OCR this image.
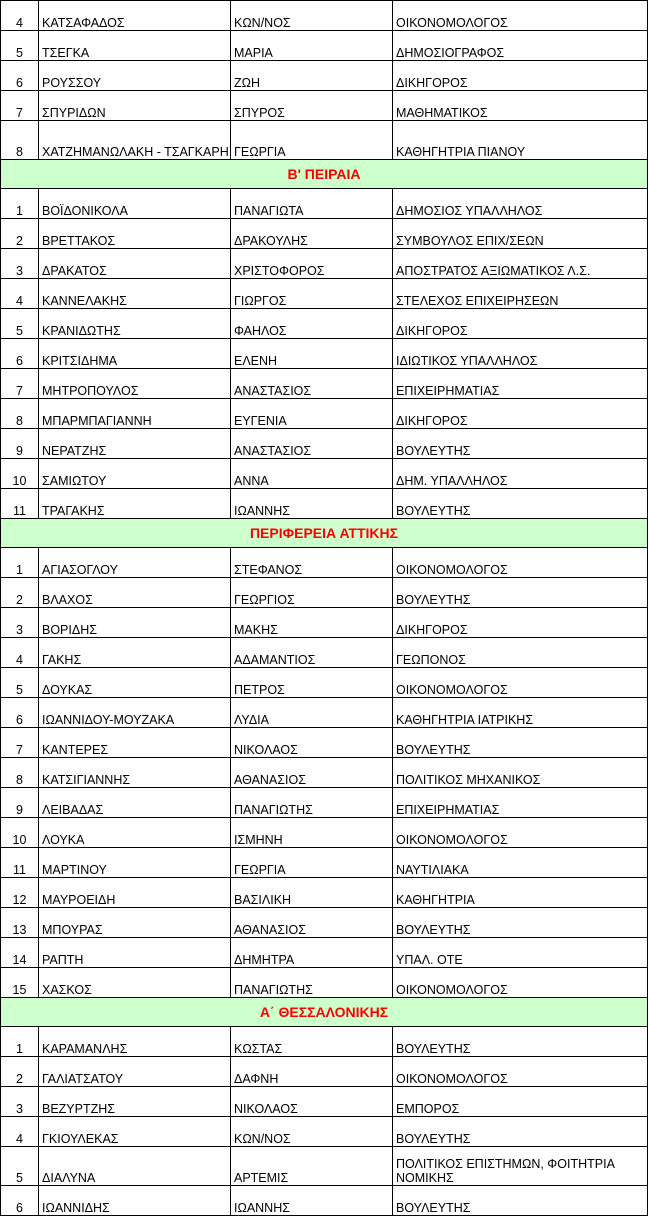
4	ΚΑΤΣΑΦΑΔΟΣ	ΚΩΝ/ΝΟΣ	ΟΙΚΟΝΟΜΟΛΟΓΟΣ
5	ΤΣΕΓΚΑ	ΜΑΡΙΑ	ΔΗΜΟΣΙΟΓΡΑΦΟΣ
6	ΡΟΥΣΣΟΥ	ΖΩΗ	ΔΙΚΗΓΟΡΟΣ
7	ΣΠΥΡΙΔΩΝ	ΣΠΥΡΟΣ	ΜΑΘΗΜΑΤΙΚΟΣ
8	ΧΑΤΖΗΜΑΝΩΛΑΚΗ - ΤΣΑΓΚΑΡΗ	ΓΕΩΡΓΙΑ	ΚΑΘΗΓΗΤΡΙΑ ΠΙΑΝΟΥ
Β' ΠΕΙΡΑΙΑ			
1	ΒΟΪΔΟΝΙΚΟΛΑ	ΠΑΝΑΓΙΩΤΑ	ΔΗΜΟΣΙΟΣ ΥΠΑΛΛΗΛΟΣ
2	ΒΡΕΤΤΑΚΟΣ	ΔΡΑΚΟΥΛΗΣ	ΣΥΜΒΟΥΛΟΣ ΕΠΙΧ/ΣΕΩΝ
3	ΔΡΑΚΑΤΟΣ	ΧΡΙΣΤΟΦΟΡΟΣ	ΑΠΟΣΤΡΑΤΟΣ ΑΞΙΩΜΑΤΙΚΟΣ Λ.Σ.
4	ΚΑΝΝΕΛΑΚΗΣ	ΓΙΩΡΓΟΣ	ΣΤΕΛΕΧΟΣ ΕΠΙΧΕΙΡΗΣΕΩΝ
5	ΚΡΑΝΙΔΩΤΗΣ	ΦΑΗΛΟΣ	ΔΙΚΗΓΟΡΟΣ
6	ΚΡΙΤΣΙΔΗΜΑ	ΕΛΕΝΗ	ΙΔΙΩΤΙΚΟΣ ΥΠΑΛΛΗΛΟΣ
7	ΜΗΤΡΟΠΟΥΛΟΣ	ΑΝΑΣΤΑΣΙΟΣ	ΕΠΙΧΕΙΡΗΜΑΤΙΑΣ
8	ΜΠΑΡΜΠΑΓΙΑΝΝΗ	ΕΥΓΕΝΙΑ	ΔΙΚΗΓΟΡΟΣ
9	ΝΕΡΑΤΖΗΣ	ΑΝΑΣΤΑΣΙΟΣ	ΒΟΥΛΕΥΤΗΣ
10	ΣΑΜΙΩΤΟΥ	ΑΝΝΑ	ΔΗΜ. ΥΠΑΛΛΗΛΟΣ
11	ΤΡΑΓΑΚΗΣ	ΙΩΑΝΝΗΣ	ΒΟΥΛΕΥΤΗΣ
ΠΕΡΙΦΕΡΕΙΑ ΑΤΤΙΚΗΣ			
1	ΑΓΙΑΣΟΓΛΟΥ	ΣΤΕΦΑΝΟΣ	ΟΙΚΟΝΟΜΟΛΟΓΟΣ
2	ΒΛΑΧΟΣ	ΓΕΩΡΓΙΟΣ	ΒΟΥΛΕΥΤΗΣ
3	ΒΟΡΙΔΗΣ	ΜΑΚΗΣ	ΔΙΚΗΓΟΡΟΣ
4	ΓΑΚΗΣ	ΑΔΑΜΑΝΤΙΟΣ	ΓΕΩΠΟΝΟΣ
5	ΔΟΥΚΑΣ	ΠΕΤΡΟΣ	ΟΙΚΟΝΟΜΟΛΟΓΟΣ
6	ΙΩΑΝΝΙΔΟΥ-ΜΟΥΖΑΚΑ	ΛΥΔΙΑ	ΚΑΘΗΓΗΤΡΙΑ ΙΑΤΡΙΚΗΣ
7	ΚΑΝΤΕΡΕΣ	ΝΙΚΟΛΑΟΣ	ΒΟΥΛΕΥΤΗΣ
8	ΚΑΤΣΙΓΙΑΝΝΗΣ	ΑΘΑΝΑΣΙΟΣ	ΠΟΛΙΤΙΚΟΣ ΜΗΧΑΝΙΚΟΣ
9	ΛΕΙΒΑΔΑΣ	ΠΑΝΑΓΙΩΤΗΣ	ΕΠΙΧΕΙΡΗΜΑΤΙΑΣ
10	ΛΟΥΚΑ	ΙΣΜΗΝΗ	ΟΙΚΟΝΟΜΟΛΟΓΟΣ
11	ΜΑΡΤΙΝΟΥ	ΓΕΩΡΓΙΑ	ΝΑΥΤΙΛΙΑΚΑ
12	ΜΑΥΡΟΕΙΔΗ	ΒΑΣΙΛΙΚΗ	ΚΑΘΗΓΗΤΡΙΑ
13	ΜΠΟΥΡΑΣ	ΑΘΑΝΑΣΙΟΣ	ΒΟΥΛΕΥΤΗΣ
14	ΡΑΠΤΗ	ΔΗΜΗΤΡΑ	ΥΠΑΛ. ΟΤΕ
15	ΧΑΣΚΟΣ	ΠΑΝΑΓΙΩΤΗΣ	ΟΙΚΟΝΟΜΟΛΟΓΟΣ
Α΄ ΘΕΣΣΑΛΟΝΙΚΗΣ			
1	ΚΑΡΑΜΑΝΛΗΣ	ΚΩΣΤΑΣ	ΒΟΥΛΕΥΤΗΣ
2	ΓΑΛΙΑΤΣΑΤΟΥ	ΔΑΦΝΗ	ΟΙΚΟΝΟΜΟΛΟΓΟΣ
3	ΒΕΖΥΡΤΖΗΣ	ΝΙΚΟΛΑΟΣ	ΕΜΠΟΡΟΣ
4	ΓΚΙΟΥΛΕΚΑΣ	ΚΩΝ/ΝΟΣ	ΒΟΥΛΕΥΤΗΣ
5	ΔΙΑΛΥΝΑ	ΑΡΤΕΜΙΣ	ΠΟΛΙΤΙΚΟΣ ΕΠΙΣΤΗΜΩΝ, ΦΟΙΤΗΤΡΙΑ ΝΟΜΙΚΗΣ
6	ΙΩΑΝΝΙΔΗΣ	ΙΩΑΝΝΗΣ	ΒΟΥΛΕΥΤΗΣ
